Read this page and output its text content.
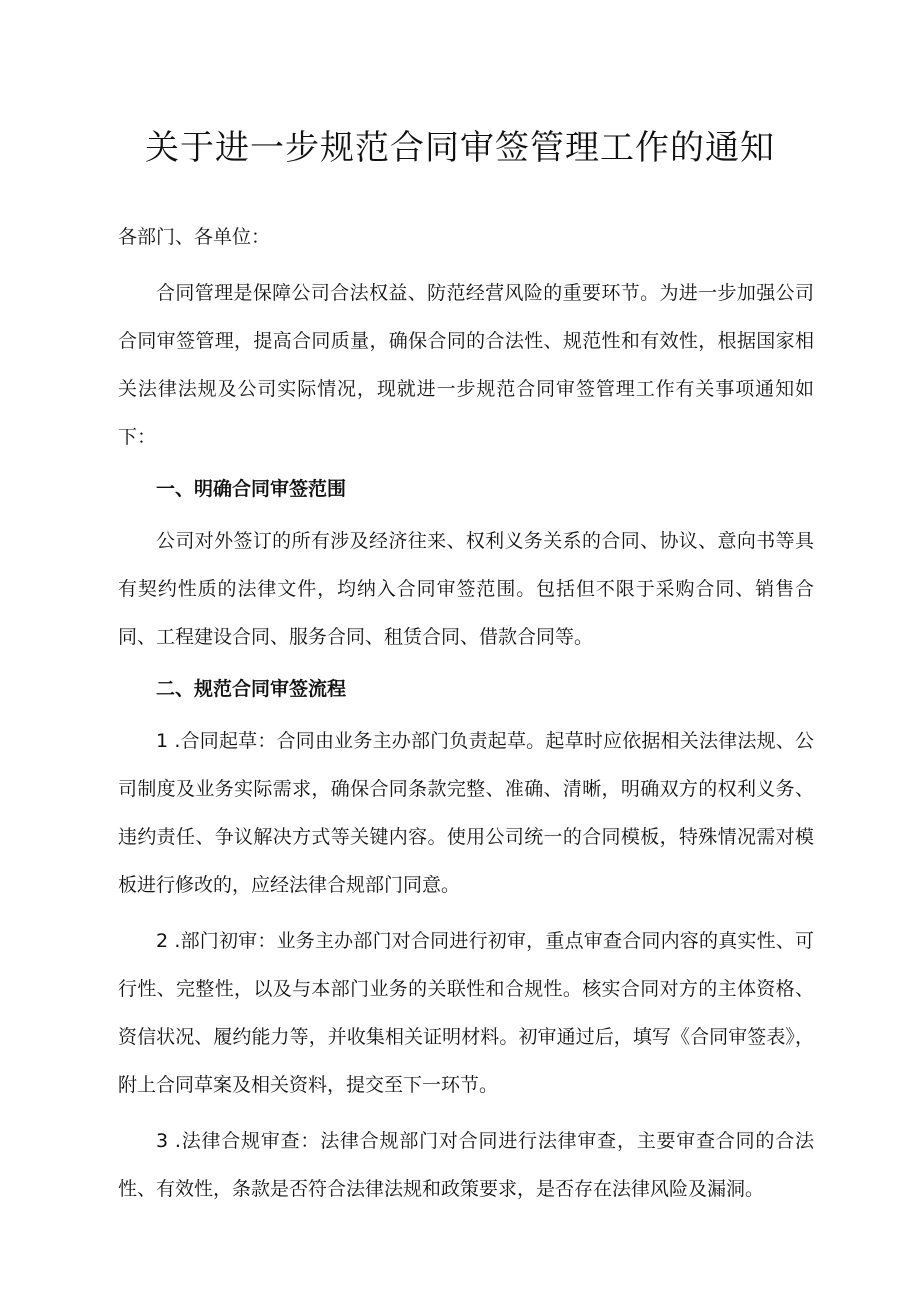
关于进一步规范合同审签管理工作的通知

各部门、各单位：

合同管理是保障公司合法权益、防范经营风险的重要环节。为进一步加强公司合同审签管理，提高合同质量，确保合同的合法性、规范性和有效性，根据国家相关法律法规及公司实际情况，现就进一步规范合同审签管理工作有关事项通知如下：

一、明确合同审签范围

公司对外签订的所有涉及经济往来、权利义务关系的合同、协议、意向书等具有契约性质的法律文件，均纳入合同审签范围。包括但不限于采购合同、销售合同、工程建设合同、服务合同、租赁合同、借款合同等。

二、规范合同审签流程

1 .合同起草：合同由业务主办部门负责起草。起草时应依据相关法律法规、公司制度及业务实际需求，确保合同条款完整、准确、清晰，明确双方的权利义务、违约责任、争议解决方式等关键内容。使用公司统一的合同模板，特殊情况需对模板进行修改的，应经法律合规部门同意。

2 .部门初审：业务主办部门对合同进行初审，重点审查合同内容的真实性、可行性、完整性，以及与本部门业务的关联性和合规性。核实合同对方的主体资格、资信状况、履约能力等，并收集相关证明材料。初审通过后，填写《合同审签表》，附上合同草案及相关资料，提交至下一环节。

3 .法律合规审查：法律合规部门对合同进行法律审查，主要审查合同的合法性、有效性，条款是否符合法律法规和政策要求，是否存在法律风险及漏洞。
